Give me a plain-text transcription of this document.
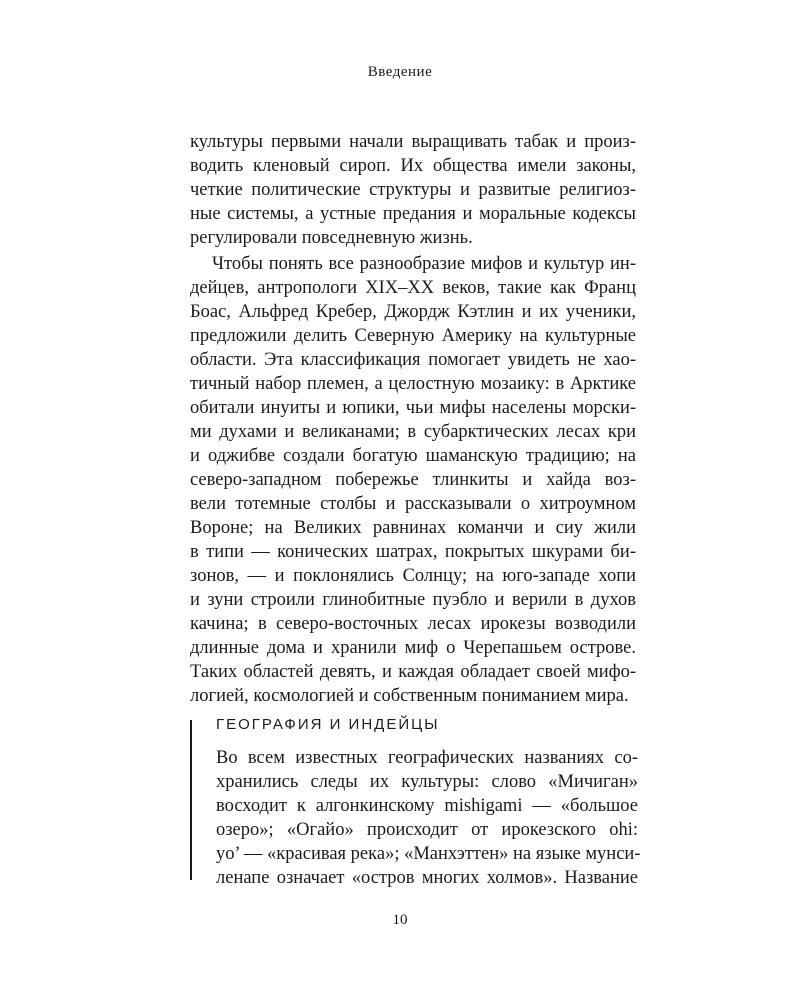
Введение
культуры первыми начали выращивать табак и произ-
водить кленовый сироп. Их общества имели законы,
четкие политические структуры и развитые религиоз-
ные системы, а устные предания и моральные кодексы
регулировали повседневную жизнь.
Чтобы понять все разнообразие мифов и культур ин-
дейцев, антропологи XIX–XX веков, такие как Франц
Боас, Альфред Кребер, Джордж Кэтлин и их ученики,
предложили делить Северную Америку на культурные
области. Эта классификация помогает увидеть не хао-
тичный набор племен, а целостную мозаику: в Арктике
обитали инуиты и юпики, чьи мифы населены морски-
ми духами и великанами; в субарктических лесах кри
и оджибве создали богатую шаманскую традицию; на
северо-западном побережье тлинкиты и хайда воз-
вели тотемные столбы и рассказывали о хитроумном
Вороне; на Великих равнинах команчи и сиу жили
в типи — конических шатрах, покрытых шкурами би-
зонов, — и поклонялись Солнцу; на юго-западе хопи
и зуни строили глинобитные пуэбло и верили в духов
качина; в северо-восточных лесах ирокезы возводили
длинные дома и хранили миф о Черепашьем острове.
Таких областей девять, и каждая обладает своей мифо-
логией, космологией и собственным пониманием мира.
ГЕОГРАФИЯ И ИНДЕЙЦЫ
Во всем известных географических названиях со-
хранились следы их культуры: слово «Мичиган»
восходит к алгонкинскому mishigami — «большое
озеро»; «Огайо» происходит от ирокезского ohi:
yo’ — «красивая река»; «Манхэттен» на языке мунси-
ленапе означает «остров многих холмов». Название
10
